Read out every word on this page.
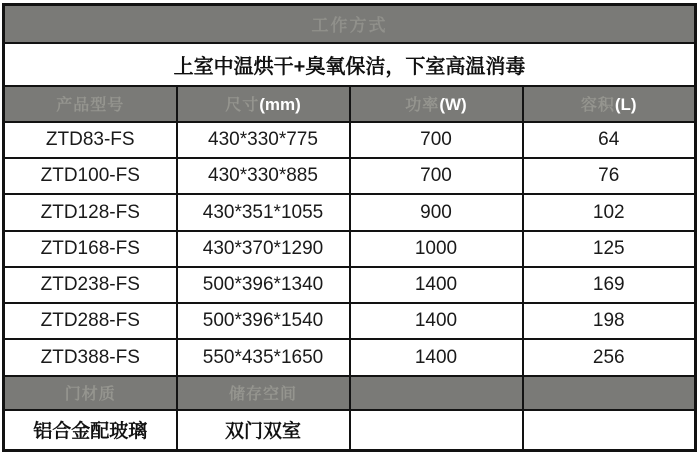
工作方式			
上室中温烘干+臭氧保洁，下室高温消毒			
产品型号	尺寸(mm)	功率(W)	容积(L)
ZTD83-FS	430*330*775	700	64
ZTD100-FS	430*330*885	700	76
ZTD128-FS	430*351*1055	900	102
ZTD168-FS	430*370*1290	1000	125
ZTD238-FS	500*396*1340	1400	169
ZTD288-FS	500*396*1540	1400	198
ZTD388-FS	550*435*1650	1400	256
门材质	储存空间		
铝合金配玻璃	双门双室		
